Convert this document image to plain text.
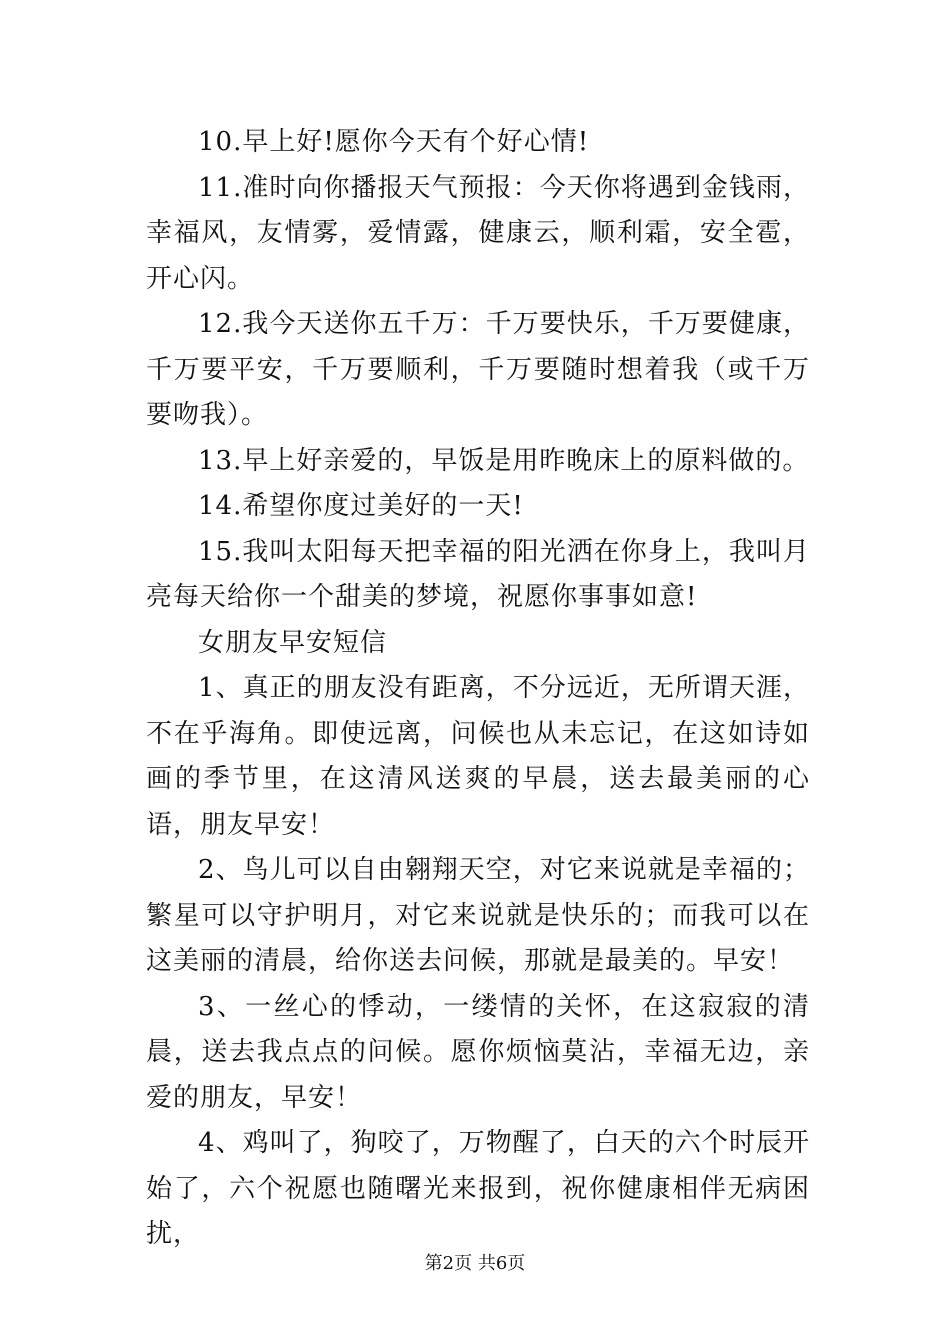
10.早上好!愿你今天有个好心情!

11.准时向你播报天气预报：今天你将遇到金钱雨，幸福风，友情雾，爱情露，健康云，顺利霜，安全雹，开心闪。

12.我今天送你五千万：千万要快乐，千万要健康，千万要平安，千万要顺利，千万要随时想着我（或千万要吻我）。

13.早上好亲爱的，早饭是用昨晚床上的原料做的。

14.希望你度过美好的一天!

15.我叫太阳每天把幸福的阳光洒在你身上，我叫月亮每天给你一个甜美的梦境，祝愿你事事如意!

女朋友早安短信

1、真正的朋友没有距离，不分远近，无所谓天涯，不在乎海角。即使远离，问候也从未忘记，在这如诗如画的季节里，在这清风送爽的早晨，送去最美丽的心语，朋友早安！

2、鸟儿可以自由翱翔天空，对它来说就是幸福的；繁星可以守护明月，对它来说就是快乐的；而我可以在这美丽的清晨，给你送去问候，那就是最美的。早安！

3、一丝心的悸动，一缕情的关怀，在这寂寂的清晨，送去我点点的问候。愿你烦恼莫沾，幸福无边，亲爱的朋友，早安！

4、鸡叫了，狗咬了，万物醒了，白天的六个时辰开始了，六个祝愿也随曙光来报到，祝你健康相伴无病困扰，

第2页 共6页
